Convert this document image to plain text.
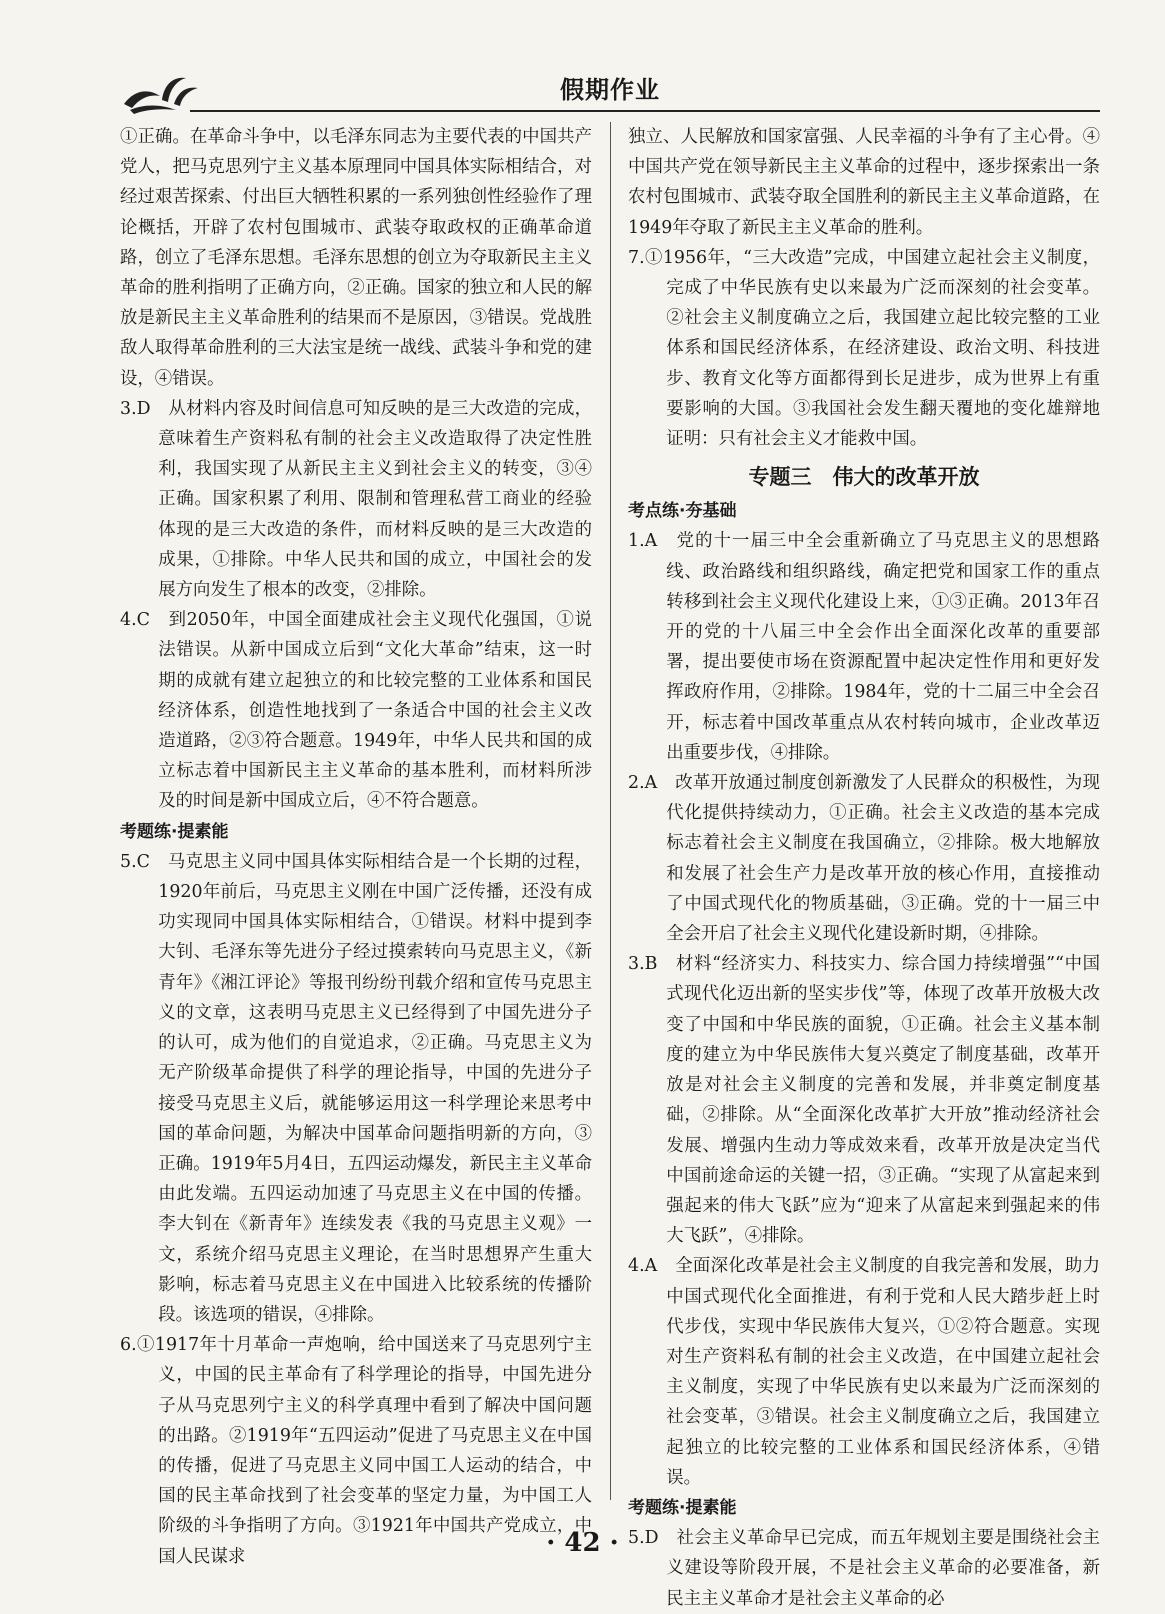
假期作业

①正确。在革命斗争中，以毛泽东同志为主要代表的中国共产党人，把马克思列宁主义基本原理同中国具体实际相结合，对经过艰苦探索、付出巨大牺牲积累的一系列独创性经验作了理论概括，开辟了农村包围城市、武装夺取政权的正确革命道路，创立了毛泽东思想。毛泽东思想的创立为夺取新民主主义革命的胜利指明了正确方向，②正确。国家的独立和人民的解放是新民主主义革命胜利的结果而不是原因，③错误。党战胜敌人取得革命胜利的三大法宝是统一战线、武装斗争和党的建设，④错误。

3.D　从材料内容及时间信息可知反映的是三大改造的完成，意味着生产资料私有制的社会主义改造取得了决定性胜利，我国实现了从新民主主义到社会主义的转变，③④正确。国家积累了利用、限制和管理私营工商业的经验体现的是三大改造的条件，而材料反映的是三大改造的成果，①排除。中华人民共和国的成立，中国社会的发展方向发生了根本的改变，②排除。

4.C　到2050年，中国全面建成社会主义现代化强国，①说法错误。从新中国成立后到“文化大革命”结束，这一时期的成就有建立起独立的和比较完整的工业体系和国民经济体系，创造性地找到了一条适合中国的社会主义改造道路，②③符合题意。1949年，中华人民共和国的成立标志着中国新民主主义革命的基本胜利，而材料所涉及的时间是新中国成立后，④不符合题意。

考题练·提素能

5.C　马克思主义同中国具体实际相结合是一个长期的过程，1920年前后，马克思主义刚在中国广泛传播，还没有成功实现同中国具体实际相结合，①错误。材料中提到李大钊、毛泽东等先进分子经过摸索转向马克思主义，《新青年》《湘江评论》等报刊纷纷刊载介绍和宣传马克思主义的文章，这表明马克思主义已经得到了中国先进分子的认可，成为他们的自觉追求，②正确。马克思主义为无产阶级革命提供了科学的理论指导，中国的先进分子接受马克思主义后，就能够运用这一科学理论来思考中国的革命问题，为解决中国革命问题指明新的方向，③正确。1919年5月4日，五四运动爆发，新民主主义革命由此发端。五四运动加速了马克思主义在中国的传播。李大钊在《新青年》连续发表《我的马克思主义观》一文，系统介绍马克思主义理论，在当时思想界产生重大影响，标志着马克思主义在中国进入比较系统的传播阶段。该选项的错误，④排除。

6.①1917年十月革命一声炮响，给中国送来了马克思列宁主义，中国的民主革命有了科学理论的指导，中国先进分子从马克思列宁主义的科学真理中看到了解决中国问题的出路。②1919年“五四运动”促进了马克思主义在中国的传播，促进了马克思主义同中国工人运动的结合，中国的民主革命找到了社会变革的坚定力量，为中国工人阶级的斗争指明了方向。③1921年中国共产党成立，中国人民谋求

独立、人民解放和国家富强、人民幸福的斗争有了主心骨。④中国共产党在领导新民主主义革命的过程中，逐步探索出一条农村包围城市、武装夺取全国胜利的新民主主义革命道路，在1949年夺取了新民主主义革命的胜利。

7.①1956年，“三大改造”完成，中国建立起社会主义制度，完成了中华民族有史以来最为广泛而深刻的社会变革。②社会主义制度确立之后，我国建立起比较完整的工业体系和国民经济体系，在经济建设、政治文明、科技进步、教育文化等方面都得到长足进步，成为世界上有重要影响的大国。③我国社会发生翻天覆地的变化雄辩地证明：只有社会主义才能救中国。

专题三　伟大的改革开放

考点练·夯基础

1.A　党的十一届三中全会重新确立了马克思主义的思想路线、政治路线和组织路线，确定把党和国家工作的重点转移到社会主义现代化建设上来，①③正确。2013年召开的党的十八届三中全会作出全面深化改革的重要部署，提出要使市场在资源配置中起决定性作用和更好发挥政府作用，②排除。1984年，党的十二届三中全会召开，标志着中国改革重点从农村转向城市，企业改革迈出重要步伐，④排除。

2.A　改革开放通过制度创新激发了人民群众的积极性，为现代化提供持续动力，①正确。社会主义改造的基本完成标志着社会主义制度在我国确立，②排除。极大地解放和发展了社会生产力是改革开放的核心作用，直接推动了中国式现代化的物质基础，③正确。党的十一届三中全会开启了社会主义现代化建设新时期，④排除。

3.B　材料“经济实力、科技实力、综合国力持续增强”“中国式现代化迈出新的坚实步伐”等，体现了改革开放极大改变了中国和中华民族的面貌，①正确。社会主义基本制度的建立为中华民族伟大复兴奠定了制度基础，改革开放是对社会主义制度的完善和发展，并非奠定制度基础，②排除。从“全面深化改革扩大开放”推动经济社会发展、增强内生动力等成效来看，改革开放是决定当代中国前途命运的关键一招，③正确。“实现了从富起来到强起来的伟大飞跃”应为“迎来了从富起来到强起来的伟大飞跃”，④排除。

4.A　全面深化改革是社会主义制度的自我完善和发展，助力中国式现代化全面推进，有利于党和人民大踏步赶上时代步伐，实现中华民族伟大复兴，①②符合题意。实现对生产资料私有制的社会主义改造，在中国建立起社会主义制度，实现了中华民族有史以来最为广泛而深刻的社会变革，③错误。社会主义制度确立之后，我国建立起独立的比较完整的工业体系和国民经济体系，④错误。

考题练·提素能

5.D　社会主义革命早已完成，而五年规划主要是围绕社会主义建设等阶段开展，不是社会主义革命的必要准备，新民主主义革命才是社会主义革命的必

· 42 ·
